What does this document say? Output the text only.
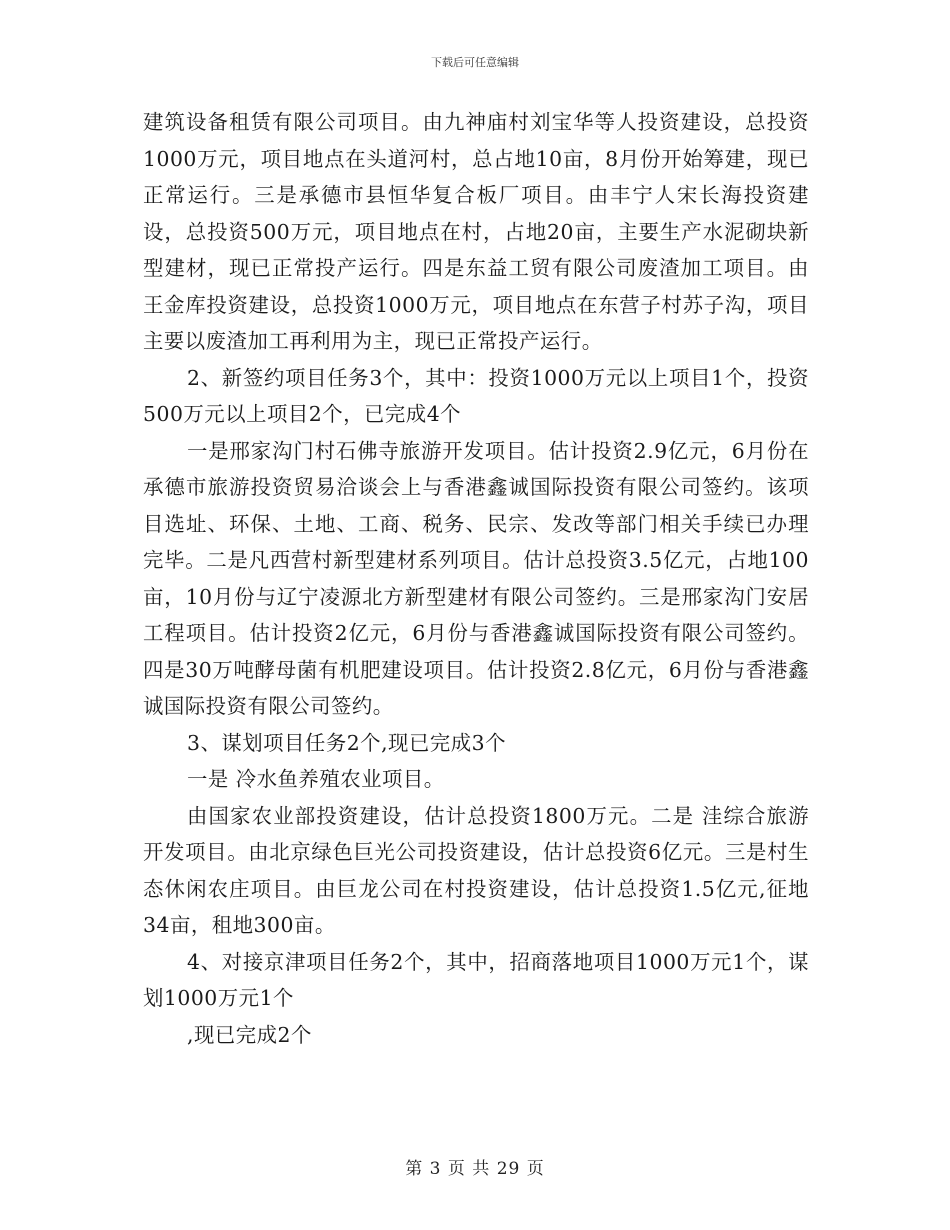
下载后可任意编辑

建筑设备租赁有限公司项目。由九神庙村刘宝华等人投资建设，总投资1000万元，项目地点在头道河村，总占地10亩，8月份开始筹建，现已正常运行。三是承德市县恒华复合板厂项目。由丰宁人宋长海投资建设，总投资500万元，项目地点在村，占地20亩，主要生产水泥砌块新型建材，现已正常投产运行。四是东益工贸有限公司废渣加工项目。由王金库投资建设，总投资1000万元，项目地点在东营子村苏子沟，项目主要以废渣加工再利用为主，现已正常投产运行。

2、新签约项目任务3个，其中：投资1000万元以上项目1个，投资500万元以上项目2个，已完成4个

一是邢家沟门村石佛寺旅游开发项目。估计投资2.9亿元，6月份在承德市旅游投资贸易洽谈会上与香港鑫诚国际投资有限公司签约。该项目选址、环保、土地、工商、税务、民宗、发改等部门相关手续已办理完毕。二是凡西营村新型建材系列项目。估计总投资3.5亿元，占地100亩，10月份与辽宁凌源北方新型建材有限公司签约。三是邢家沟门安居工程项目。估计投资2亿元，6月份与香港鑫诚国际投资有限公司签约。四是30万吨酵母菌有机肥建设项目。估计投资2.8亿元，6月份与香港鑫诚国际投资有限公司签约。

3、谋划项目任务2个,现已完成3个

一是 冷水鱼养殖农业项目。

由国家农业部投资建设，估计总投资1800万元。二是 洼综合旅游开发项目。由北京绿色巨光公司投资建设，估计总投资6亿元。三是村生态休闲农庄项目。由巨龙公司在村投资建设，估计总投资1.5亿元,征地34亩，租地300亩。

4、对接京津项目任务2个，其中，招商落地项目1000万元1个，谋划1000万元1个

,现已完成2个

第 3 页 共 29 页
